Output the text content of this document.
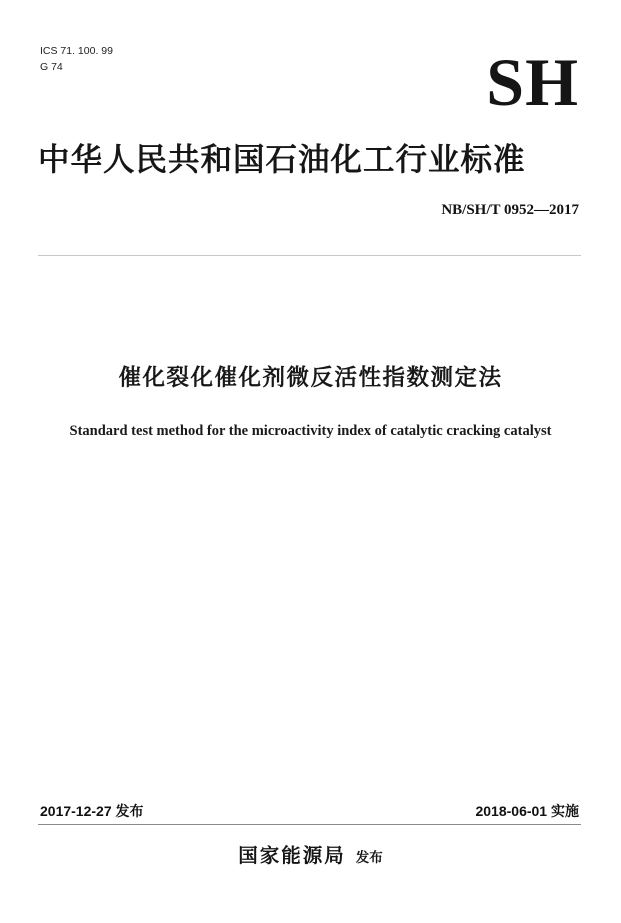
ICS 71. 100. 99
G 74	SH
中华人民共和国石油化工行业标准
NB/SH/T 0952—2017
催化裂化催化剂微反活性指数测定法
Standard test method for the microactivity index of catalytic cracking catalyst
2017-12-27 发布	2018-06-01 实施
国家能源局 发布
